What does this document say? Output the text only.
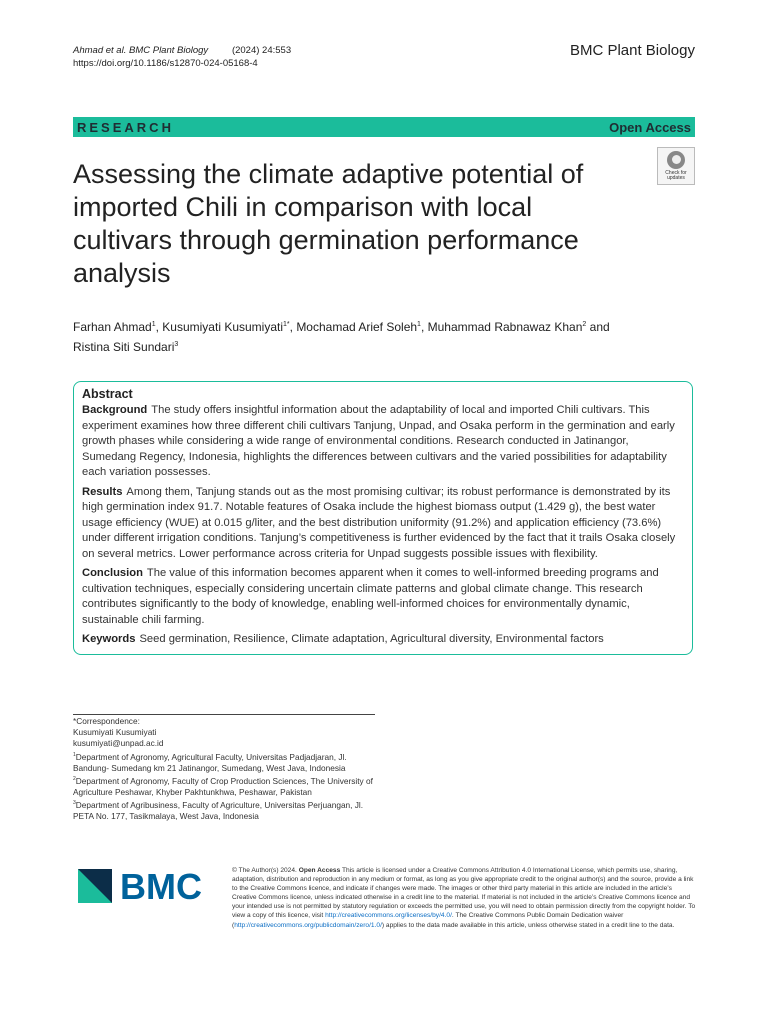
Ahmad et al. BMC Plant Biology	(2024) 24:553
https://doi.org/10.1186/s12870-024-05168-4
BMC Plant Biology
RESEARCH	Open Access
Check for
updates
Assessing the climate adaptive potential of imported Chili in comparison with local cultivars through germination performance analysis
Farhan Ahmad$^1$, Kusumiyati Kusumiyati$^{1*}$, Mochamad Arief Soleh$^1$, Muhammad Rabnawaz Khan$^2$ and
Ristina Siti Sundari$^3$
Abstract

Background The study offers insightful information about the adaptability of local and imported Chili cultivars. This experiment examines how three different chili cultivars Tanjung, Unpad, and Osaka perform in the germination and early growth phases while considering a wide range of environmental conditions. Research conducted in Jatinangor, Sumedang Regency, Indonesia, highlights the differences between cultivars and the varied possibilities for adaptability each variation possesses.

Results Among them, Tanjung stands out as the most promising cultivar; its robust performance is demonstrated by its high germination index 91.7. Notable features of Osaka include the highest biomass output (1.429 g), the best water usage efficiency (WUE) at 0.015 g/liter, and the best distribution uniformity (91.2%) and application efficiency (73.6%) under different irrigation conditions. Tanjung’s competitiveness is further evidenced by the fact that it trails Osaka closely on several metrics. Lower performance across criteria for Unpad suggests possible issues with flexibility.

Conclusion The value of this information becomes apparent when it comes to well-informed breeding programs and cultivation techniques, especially considering uncertain climate patterns and global climate change. This research contributes significantly to the body of knowledge, enabling well-informed choices for environmentally dynamic, sustainable chili farming.

Keywords Seed germination, Resilience, Climate adaptation, Agricultural diversity, Environmental factors

*Correspondence:
Kusumiyati Kusumiyati
kusumiyati@unpad.ac.id
$^1$Department of Agronomy, Agricultural Faculty, Universitas Padjadjaran, Jl. Bandung- Sumedang km 21 Jatinangor, Sumedang, West Java, Indonesia
$^2$Department of Agronomy, Faculty of Crop Production Sciences, The University of Agriculture Peshawar, Khyber Pakhtunkhwa, Peshawar, Pakistan
$^3$Department of Agribusiness, Faculty of Agriculture, Universitas Perjuangan, Jl. PETA No. 177, Tasikmalaya, West Java, Indonesia
BMC	© The Author(s) 2024. Open Access This article is licensed under a Creative Commons Attribution 4.0 International License, which permits use, sharing, adaptation, distribution and reproduction in any medium or format, as long as you give appropriate credit to the original author(s) and the source, provide a link to the Creative Commons licence, and indicate if changes were made. The images or other third party material in this article are included in the article’s Creative Commons licence, unless indicated otherwise in a credit line to the material. If material is not included in the article’s Creative Commons licence and your intended use is not permitted by statutory regulation or exceeds the permitted use, you will need to obtain permission directly from the copyright holder. To view a copy of this licence, visit http://creativecommons.org/licenses/by/4.0/. The Creative Commons Public Domain Dedication waiver (http://creativecommons.org/publicdomain/zero/1.0/) applies to the data made available in this article, unless otherwise stated in a credit line to the data.
